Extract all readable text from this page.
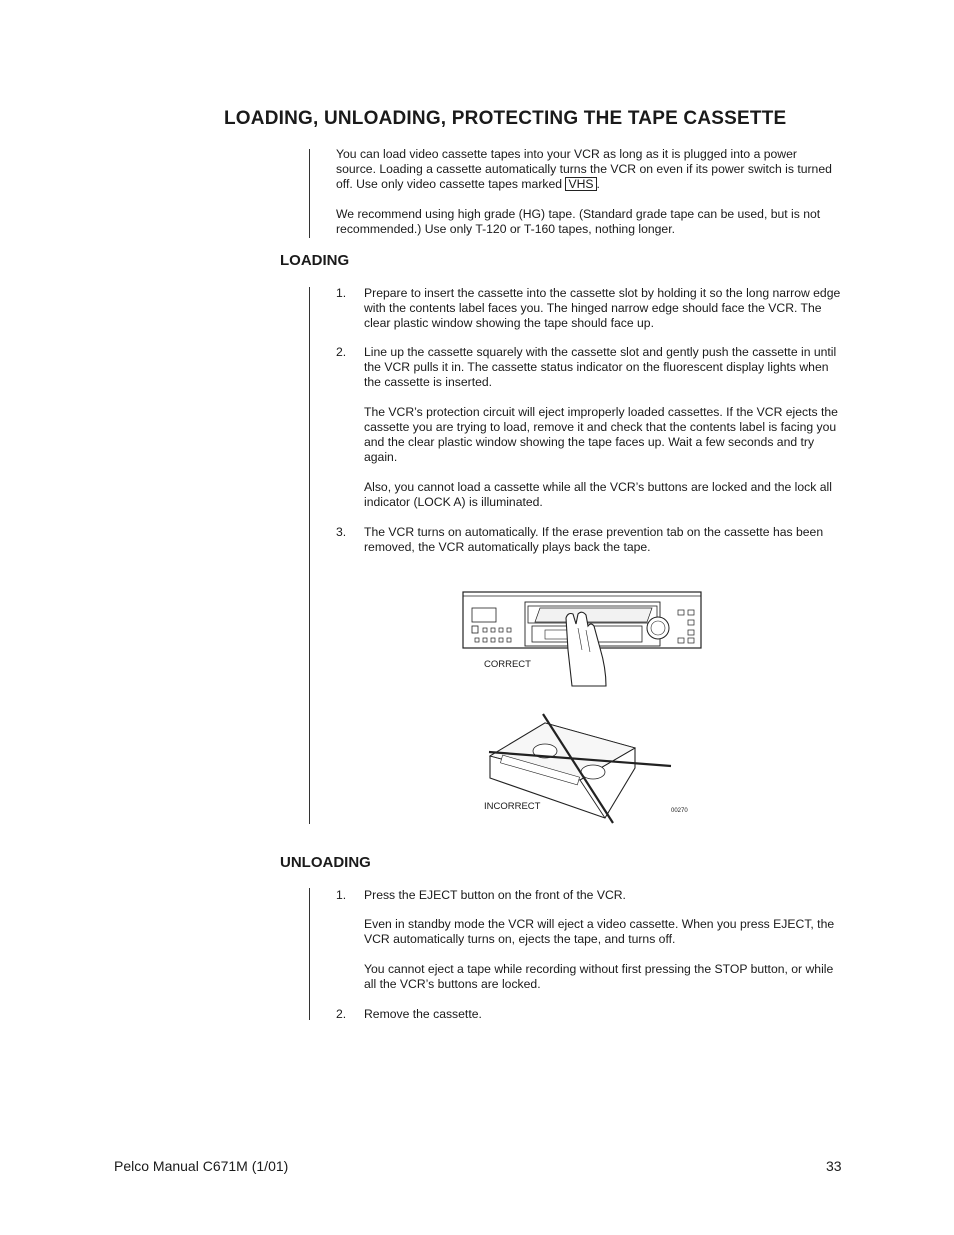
LOADING, UNLOADING, PROTECTING THE TAPE CASSETTE
You can load video cassette tapes into your VCR as long as it is plugged into a power source. Loading a cassette automatically turns the VCR on even if its power switch is turned off. Use only video cassette tapes marked VHS .
We recommend using high grade (HG) tape. (Standard grade tape can be used, but is not recommended.) Use only T-120 or T-160 tapes, nothing longer.
LOADING
1. Prepare to insert the cassette into the cassette slot by holding it so the long narrow edge with the contents label faces you. The hinged narrow edge should face the VCR. The clear plastic window showing the tape should face up.
2. Line up the cassette squarely with the cassette slot and gently push the cassette in until the VCR pulls it in. The cassette status indicator on the fluorescent display lights when the cassette is inserted.
The VCR’s protection circuit will eject improperly loaded cassettes. If the VCR ejects the cassette you are trying to load, remove it and check that the contents label is facing you and the clear plastic window showing the tape faces up. Wait a few seconds and try again.
Also, you cannot load a cassette while all the VCR’s buttons are locked and the lock all indicator (LOCK A) is illuminated.
3. The VCR turns on automatically. If the erase prevention tab on the cassette has been removed, the VCR automatically plays back the tape.
CORRECT
INCORRECT	00270
UNLOADING
1. Press the EJECT button on the front of the VCR.
Even in standby mode the VCR will eject a video cassette. When you press EJECT, the VCR automatically turns on, ejects the tape, and turns off.
You cannot eject a tape while recording without first pressing the STOP button, or while all the VCR’s buttons are locked.
2. Remove the cassette.
Pelco Manual C671M (1/01)	33
